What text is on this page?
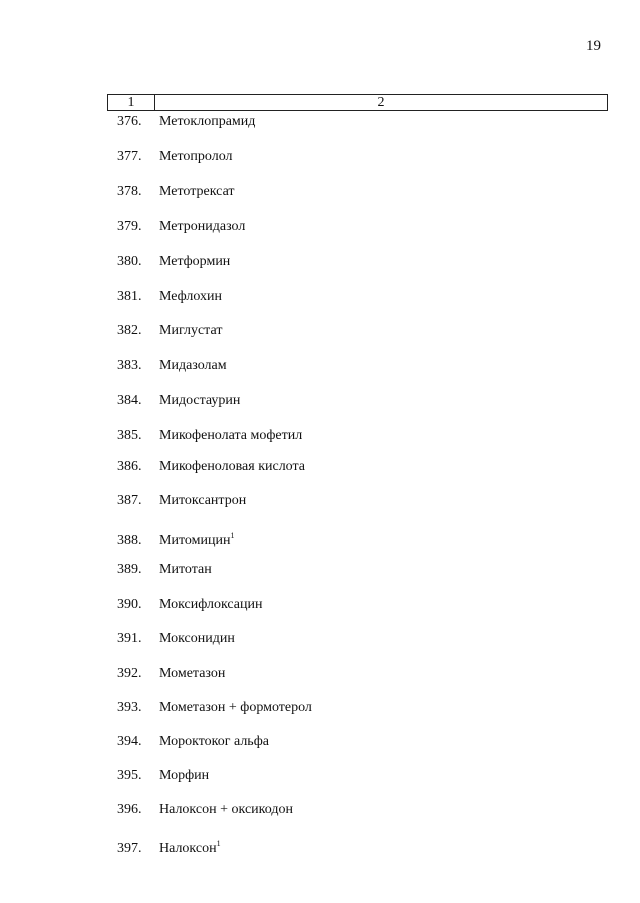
19
1	2
376. Метоклопрамид
377. Метопролол
378. Метотрексат
379. Метронидазол
380. Метформин
381. Мефлохин
382. Миглустат
383. Мидазолам
384. Мидостаурин
385. Микофенолата мофетил
386. Микофеноловая кислота
387. Митоксантрон
388. Митомицин$^1$
389. Митотан
390. Моксифлоксацин
391. Моксонидин
392. Мометазон
393. Мометазон + формотерол
394. Мороктоког альфа
395. Морфин
396. Налоксон + оксикодон
397. Налоксон$^1$
